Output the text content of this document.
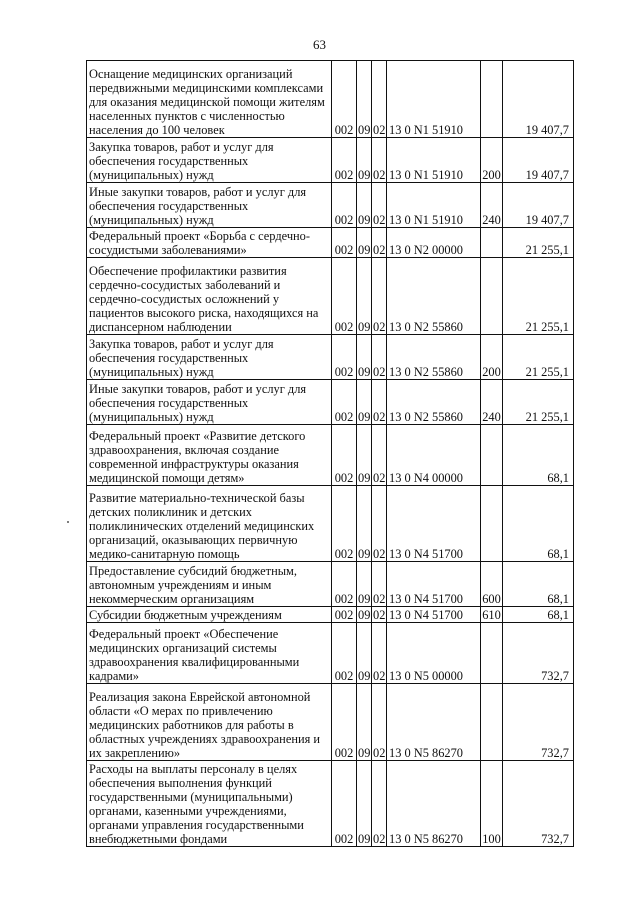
63
Оснащение медицинских организаций передвижными медицинскими комплексами для оказания медицинской помощи жителям населенных пунктов с численностью населения до 100 человек	002	09	02	13 0 N1 51910		19 407,7
Закупка товаров, работ и услуг для обеспечения государственных (муниципальных) нужд	002	09	02	13 0 N1 51910	200	19 407,7
Иные закупки товаров, работ и услуг для обеспечения государственных (муниципальных) нужд	002	09	02	13 0 N1 51910	240	19 407,7
Федеральный проект «Борьба с сердечно-сосудистыми заболеваниями»	002	09	02	13 0 N2 00000		21 255,1
Обеспечение профилактики развития сердечно-сосудистых заболеваний и сердечно-сосудистых осложнений у пациентов высокого риска, находящихся на диспансерном наблюдении	002	09	02	13 0 N2 55860		21 255,1
Закупка товаров, работ и услуг для обеспечения государственных (муниципальных) нужд	002	09	02	13 0 N2 55860	200	21 255,1
Иные закупки товаров, работ и услуг для обеспечения государственных (муниципальных) нужд	002	09	02	13 0 N2 55860	240	21 255,1
Федеральный проект «Развитие детского здравоохранения, включая создание современной инфраструктуры оказания медицинской помощи детям»	002	09	02	13 0 N4 00000		68,1
Развитие материально-технической базы детских поликлиник и детских поликлинических отделений медицинских организаций, оказывающих первичную медико-санитарную помощь	002	09	02	13 0 N4 51700		68,1
Предоставление субсидий бюджетным, автономным учреждениям и иным некоммерческим организациям	002	09	02	13 0 N4 51700	600	68,1
Субсидии бюджетным учреждениям	002	09	02	13 0 N4 51700	610	68,1
Федеральный проект «Обеспечение медицинских организаций системы здравоохранения квалифицированными кадрами»	002	09	02	13 0 N5 00000		732,7
Реализация закона Еврейской автономной области «О мерах по привлечению медицинских работников для работы в областных учреждениях здравоохранения и их закреплению»	002	09	02	13 0 N5 86270		732,7
Расходы на выплаты персоналу в целях обеспечения выполнения функций государственными (муниципальными) органами, казенными учреждениями, органами управления государственными внебюджетными фондами	002	09	02	13 0 N5 86270	100	732,7
